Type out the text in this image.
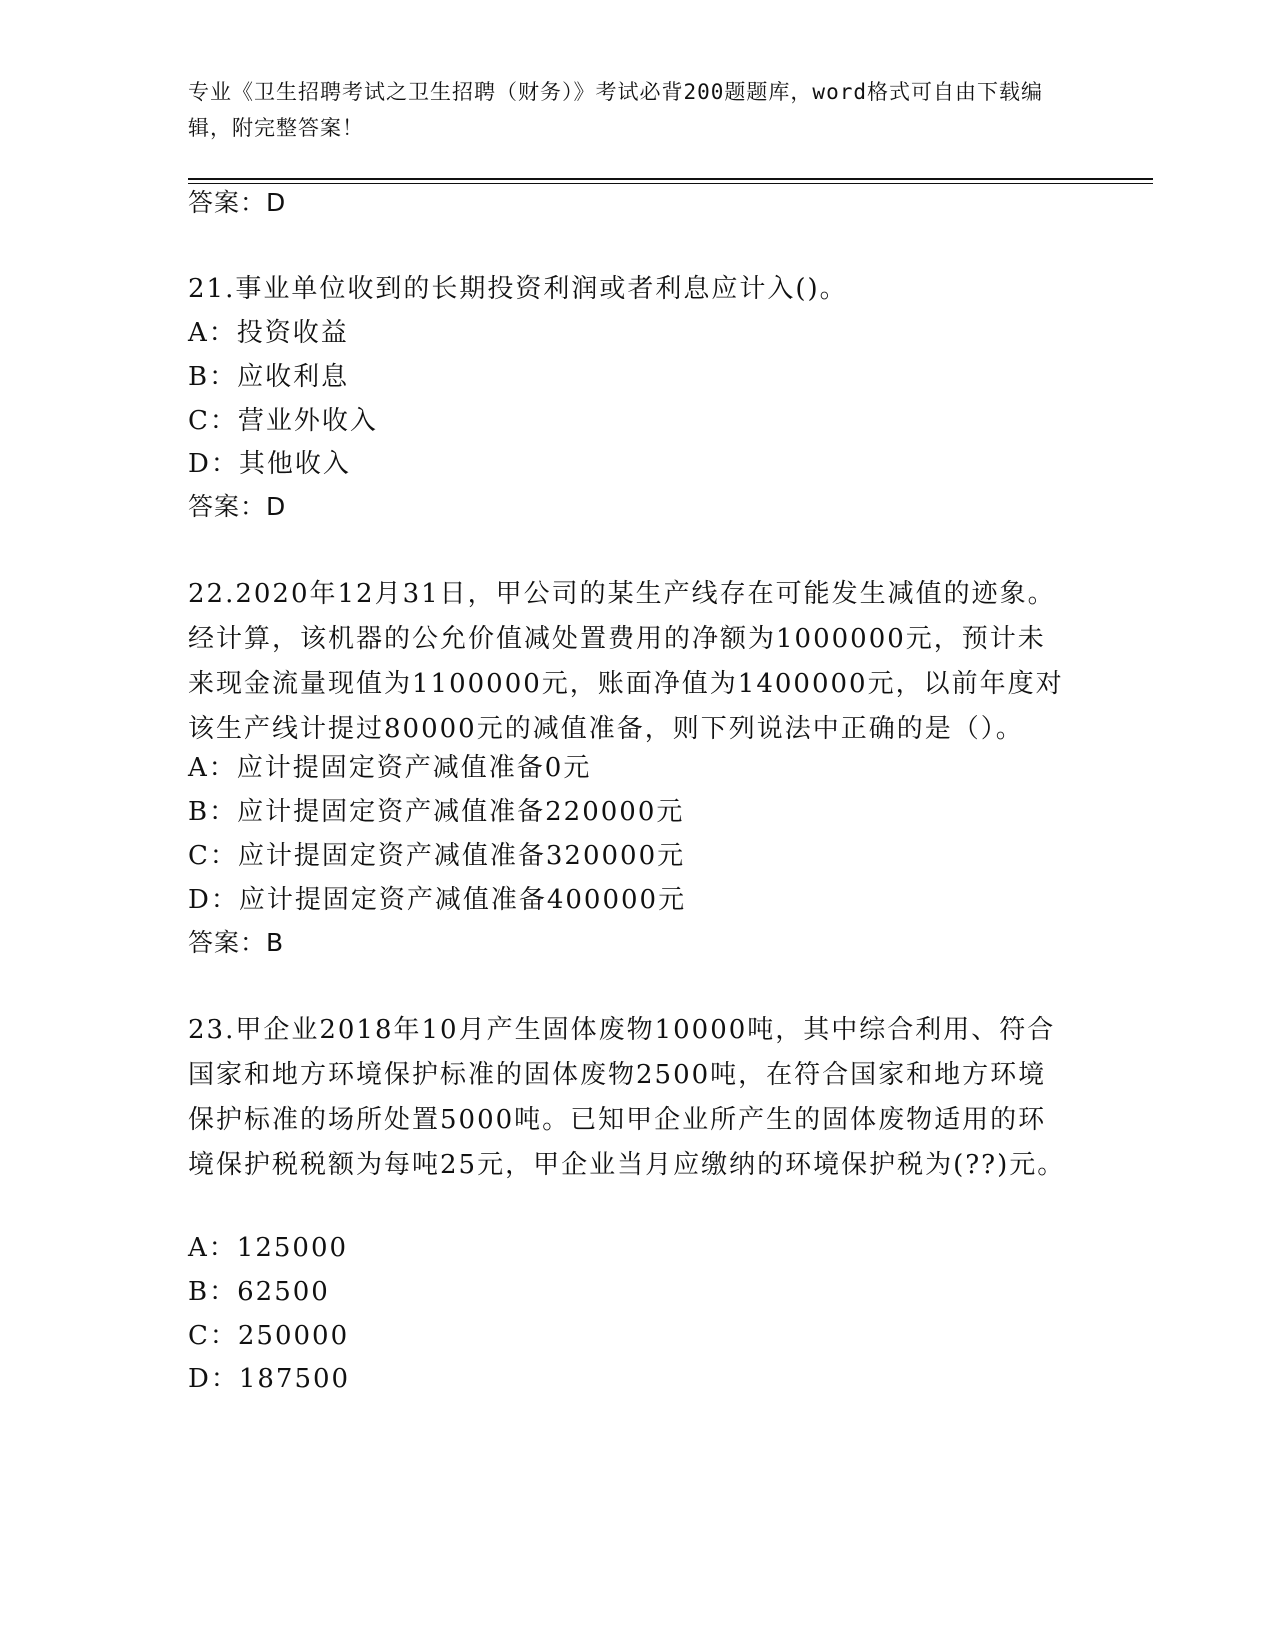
专业《卫生招聘考试之卫生招聘（财务）》考试必背200题题库，word格式可自由下载编辑，附完整答案！
答案：D
21.事业单位收到的长期投资利润或者利息应计入()。
A：投资收益
B：应收利息
C：营业外收入
D：其他收入
答案：D
22.2020年12月31日，甲公司的某生产线存在可能发生减值的迹象。经计算，该机器的公允价值减处置费用的净额为1000000元，预计未来现金流量现值为1100000元，账面净值为1400000元，以前年度对该生产线计提过80000元的减值准备，则下列说法中正确的是（）。
A：应计提固定资产减值准备0元
B：应计提固定资产减值准备220000元
C：应计提固定资产减值准备320000元
D：应计提固定资产减值准备400000元
答案：B
23.甲企业2018年10月产生固体废物10000吨，其中综合利用、符合国家和地方环境保护标准的固体废物2500吨，在符合国家和地方环境保护标准的场所处置5000吨。已知甲企业所产生的固体废物适用的环境保护税税额为每吨25元，甲企业当月应缴纳的环境保护税为(??)元。
A：125000
B：62500
C：250000
D：187500
